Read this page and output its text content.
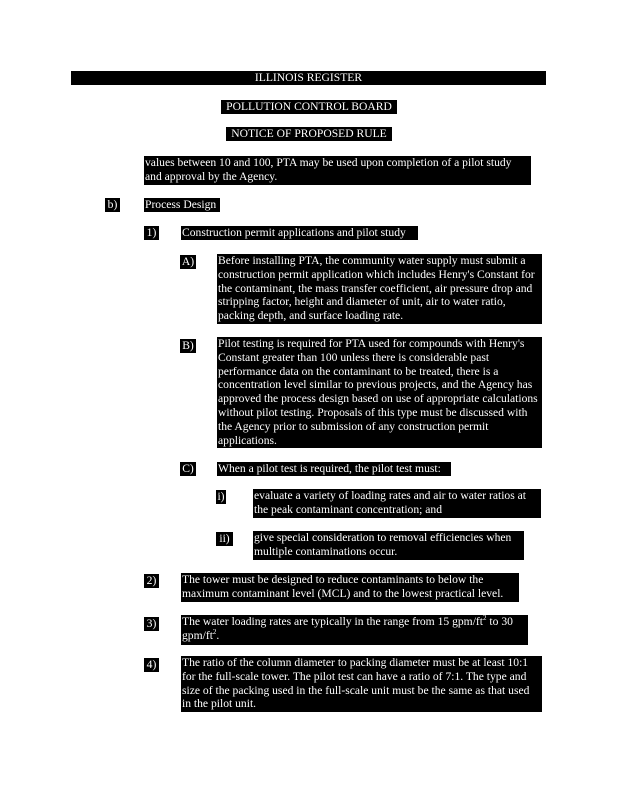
ILLINOIS REGISTER
POLLUTION CONTROL BOARD
NOTICE OF PROPOSED RULE
values between 10 and 100, PTA may be used upon completion of a pilot study and approval by the Agency.
b) Process Design
1) Construction permit applications and pilot study
A) Before installing PTA, the community water supply must submit a construction permit application which includes Henry's Constant for the contaminant, the mass transfer coefficient, air pressure drop and stripping factor, height and diameter of unit, air to water ratio, packing depth, and surface loading rate.
B) Pilot testing is required for PTA used for compounds with Henry's Constant greater than 100 unless there is considerable past performance data on the contaminant to be treated, there is a concentration level similar to previous projects, and the Agency has approved the process design based on use of appropriate calculations without pilot testing. Proposals of this type must be discussed with the Agency prior to submission of any construction permit applications.
C) When a pilot test is required, the pilot test must:
i)	evaluate a variety of loading rates and air to water ratios at the peak contaminant concentration; and
ii) give special consideration to removal efficiencies when multiple contaminations occur.
2) The tower must be designed to reduce contaminants to below the maximum contaminant level (MCL) and to the lowest practical level.
3) The water loading rates are typically in the range from 15 gpm/$ft^2$ to 30 gpm/$ft^2$.
4) The ratio of the column diameter to packing diameter must be at least 10:1 for the full-scale tower. The pilot test can have a ratio of 7:1. The type and size of the packing used in the full-scale unit must be the same as that used in the pilot unit.
